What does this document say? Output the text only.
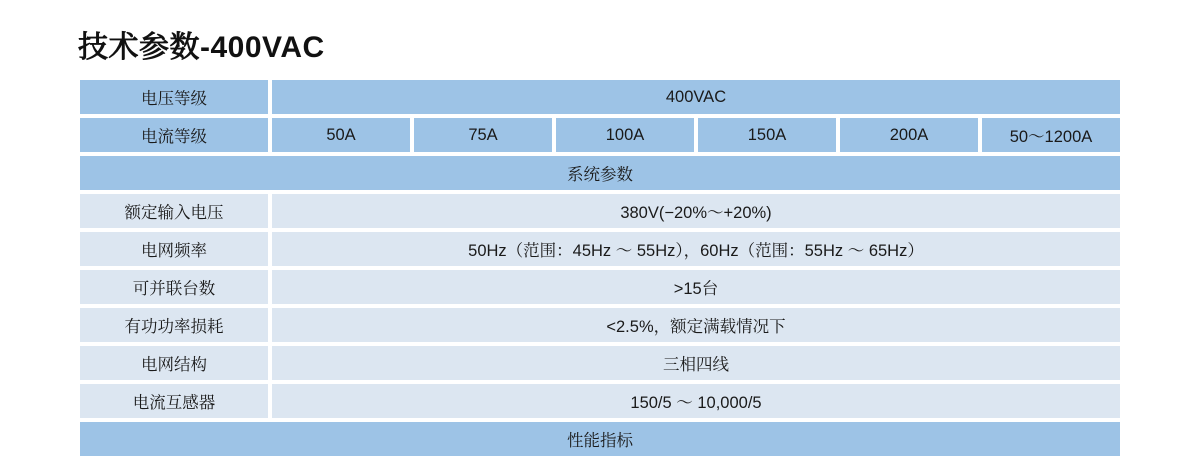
技术参数-400VAC
电压等级	400VAC					
电流等级	50A	75A	100A	150A	200A	50～1200A
系统参数						
额定输入电压	380V(−20%～+20%)					
电网频率	50Hz（范围：45Hz ～ 55Hz），60Hz（范围：55Hz ～ 65Hz）					
可并联台数	>15台					
有功功率损耗	<2.5%，额定满载情况下					
电网结构	三相四线					
电流互感器	150/5 ～ 10,000/5					
性能指标						
